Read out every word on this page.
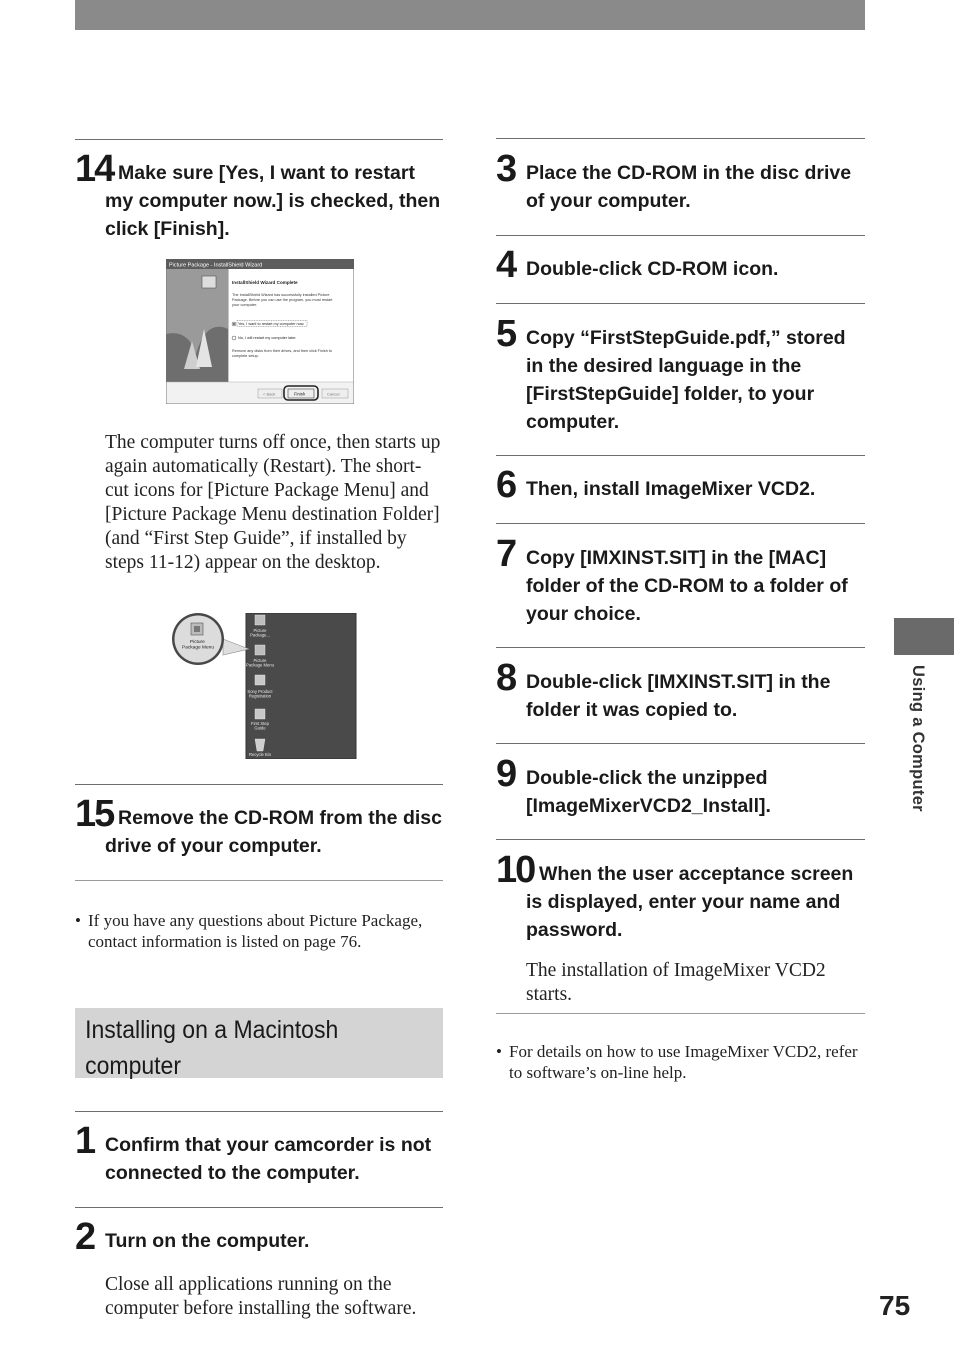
14 Make sure [Yes, I want to restart my computer now.] is checked, then click [Finish].

Picture Package - InstallShield Wizard
InstallShield Wizard Complete
The InstallShield Wizard has successfully installed Picture Package. Before you can use the program, you must restart your computer.
Yes, I want to restart my computer now.
No, I will restart my computer later.
Remove any disks from their drives, and then click Finish to complete setup.
< Back	Finish	Cancel
The computer turns off once, then starts up again automatically (Restart). The short-cut icons for [Picture Package Menu] and [Picture Package Menu destination Folder] (and “First Step Guide”, if installed by steps 11-12) appear on the desktop.
Picture Package Menu
Picture
Package...
Picture
Package Menu
Sony Product
Registration
First Step
Guide
Recycle Bin
15 Remove the CD-ROM from the disc drive of your computer.

• If you have any questions about Picture Package, contact information is listed on page 76.
Installing on a Macintosh computer
1 Confirm that your camcorder is not connected to the computer.

2 Turn on the computer.

Close all applications running on the computer before installing the software.
3 Place the CD-ROM in the disc drive of your computer.

4 Double-click CD-ROM icon.

5 Copy “FirstStepGuide.pdf,” stored in the desired language in the [FirstStepGuide] folder, to your computer.

6 Then, install ImageMixer VCD2.

7 Copy [IMXINST.SIT] in the [MAC] folder of the CD-ROM to a folder of your choice.

8 Double-click [IMXINST.SIT] in the folder it was copied to.

9 Double-click the unzipped [ImageMixerVCD2_Install].

10 When the user acceptance screen is displayed, enter your name and password.

The installation of ImageMixer VCD2 starts.
• For details on how to use ImageMixer VCD2, refer to software’s on-line help.
Using a Computer
75
